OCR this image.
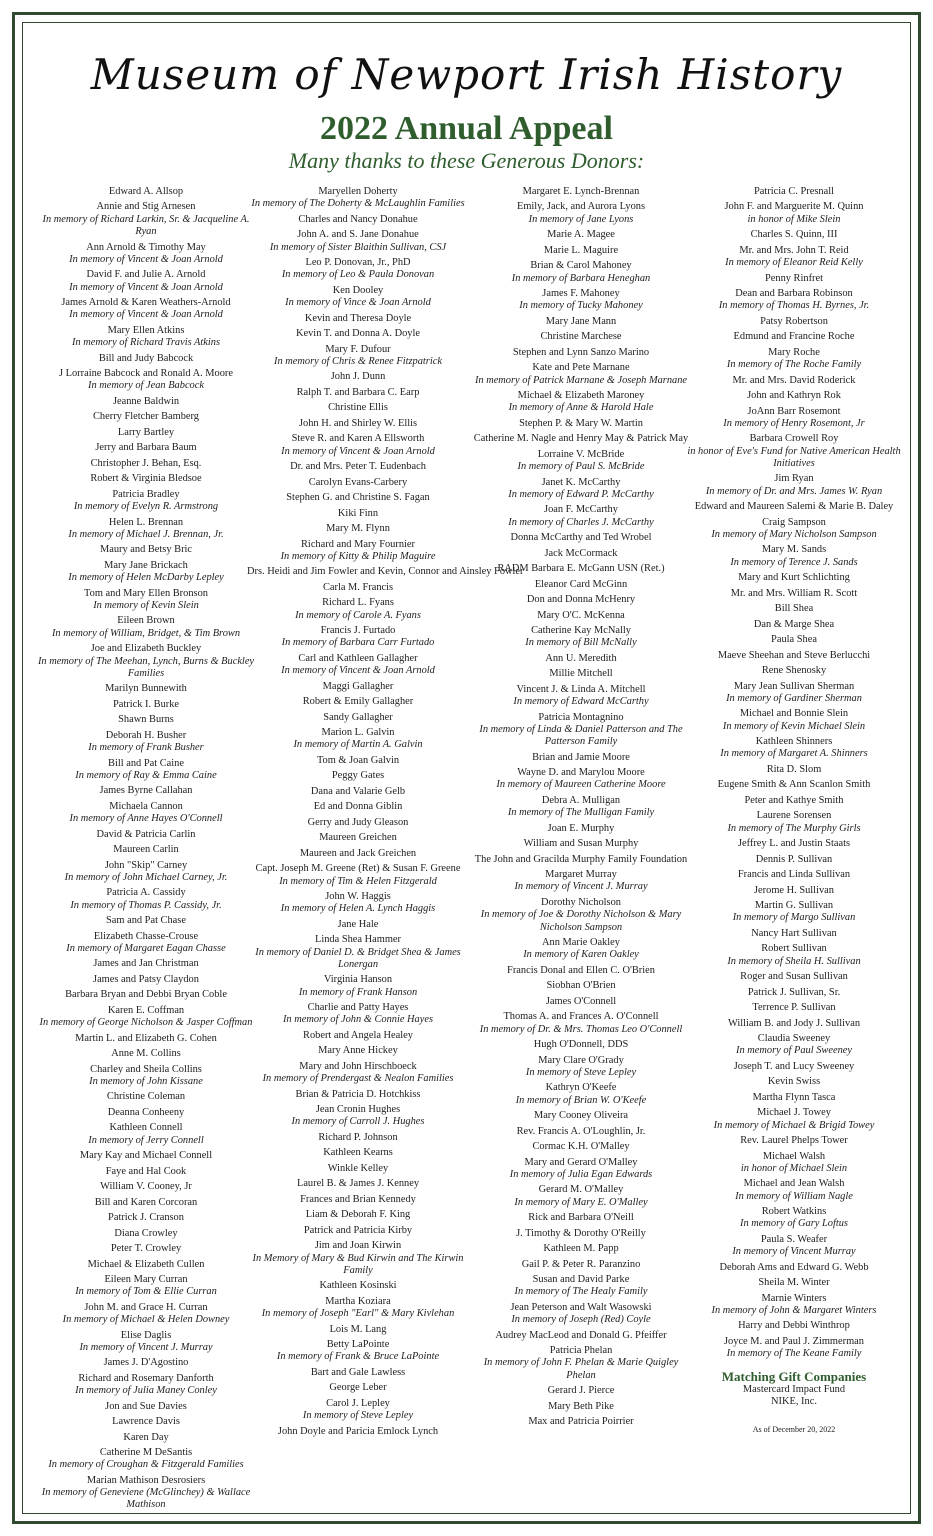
Museum of Newport Irish History
2022 Annual Appeal
Many thanks to these Generous Donors:
Edward A. Allsop
Annie and Stig Arnesen
In memory of Richard Larkin, Sr. & Jacqueline A. Ryan
Ann Arnold & Timothy May
In memory of Vincent & Joan Arnold
David F. and Julie A. Arnold
In memory of Vincent & Joan Arnold
James Arnold & Karen Weathers-Arnold
In memory of Vincent & Joan Arnold
Mary Ellen Atkins
In memory of Richard Travis Atkins
Bill and Judy Babcock
J Lorraine Babcock and Ronald A. Moore
In memory of Jean Babcock
Jeanne Baldwin
Cherry Fletcher Bamberg
Larry Bartley
Jerry and Barbara Baum
Christopher J. Behan, Esq.
Robert & Virginia Bledsoe
Patricia Bradley
In memory of Evelyn R. Armstrong
Helen L. Brennan
In memory of Michael J. Brennan, Jr.
Maury and Betsy Bric
Mary Jane Brickach
In memory of Helen McDarby Lepley
Tom and Mary Ellen Bronson
In memory of Kevin Slein
Eileen Brown
In memory of William, Bridget, & Tim Brown
Joe and Elizabeth Buckley
In memory of The Meehan, Lynch, Burns & Buckley Families
Marilyn Bunnewith
Patrick I. Burke
Shawn Burns
Deborah H. Busher
In memory of Frank Busher
Bill and Pat Caine
In memory of Ray & Emma Caine
James Byrne Callahan
Michaela Cannon
In memory of Anne Hayes O'Connell
David & Patricia Carlin
Maureen Carlin
John "Skip" Carney
In memory of John Michael Carney, Jr.
Patricia A. Cassidy
In memory of Thomas P. Cassidy, Jr.
Sam and Pat Chase
Elizabeth Chasse-Crouse
In memory of Margaret Eagan Chasse
James and Jan Christman
James and Patsy Claydon
Barbara Bryan and Debbi Bryan Coble
Karen E. Coffman
In memory of George Nicholson & Jasper Coffman
Martin L. and Elizabeth G. Cohen
Anne M. Collins
Charley and Sheila Collins
In memory of John Kissane
Christine Coleman
Deanna Conheeny
Kathleen Connell
In memory of Jerry Connell
Mary Kay and Michael Connell
Faye and Hal Cook
William V. Cooney, Jr
Bill and Karen Corcoran
Patrick J. Cranson
Diana Crowley
Peter T. Crowley
Michael & Elizabeth Cullen
Eileen Mary Curran
In memory of Tom & Ellie Curran
John M. and Grace H. Curran
In memory of Michael & Helen Downey
Elise Daglis
In memory of Vincent J. Murray
James J. D'Agostino
Richard and Rosemary Danforth
In memory of Julia Maney Conley
Jon and Sue Davies
Lawrence Davis
Karen Day
Catherine M DeSantis
In memory of Croughan & Fitzgerald Families
Marian Mathison Desrosiers
In memory of Geneviene (McGlinchey) & Wallace Mathison
Maryellen Doherty
In memory of The Doherty & McLaughlin Families
Charles and Nancy Donahue
John A. and S. Jane Donahue
In memory of Sister Blaithin Sullivan, CSJ
Leo P. Donovan, Jr., PhD
In memory of Leo & Paula Donovan
Ken Dooley
In memory of Vince & Joan Arnold
Kevin and Theresa Doyle
Kevin T. and Donna A. Doyle
Mary F. Dufour
In memory of Chris & Renee Fitzpatrick
John J. Dunn
Ralph T. and Barbara C. Earp
Christine Ellis
John H. and Shirley W. Ellis
Steve R. and Karen A Ellsworth
In memory of Vincent & Joan Arnold
Dr. and Mrs. Peter T. Eudenbach
Carolyn Evans-Carbery
Stephen G. and Christine S. Fagan
Kiki Finn
Mary M. Flynn
Richard and Mary Fournier
In memory of Kitty & Philip Maguire
Drs. Heidi and Jim Fowler and Kevin, Connor and Ainsley Fowler
Carla M. Francis
Richard L. Fyans
In memory of Carole A. Fyans
Francis J. Furtado
In memory of Barbara Carr Furtado
Carl and Kathleen Gallagher
In memory of Vincent & Joan Arnold
Maggi Gallagher
Robert & Emily Gallagher
Sandy Gallagher
Marion L. Galvin
In memory of Martin A. Galvin
Tom & Joan Galvin
Peggy Gates
Dana and Valarie Gelb
Ed and Donna Giblin
Gerry and Judy Gleason
Maureen Greichen
Maureen and Jack Greichen
Capt. Joseph M. Greene (Ret) & Susan F. Greene
In memory of Tim & Helen Fitzgerald
John W. Haggis
In memory of Helen A. Lynch Haggis
Jane Hale
Linda Shea Hammer
In memory of Daniel D. & Bridget Shea & James Lonergan
Virginia Hanson
In memory of Frank Hanson
Charlie and Patty Hayes
In memory of John & Connie Hayes
Robert and Angela Healey
Mary Anne Hickey
Mary and John Hirschboeck
In memory of Prendergast & Nealon Families
Brian & Patricia D. Hotchkiss
Jean Cronin Hughes
In memory of Carroll J. Hughes
Richard P. Johnson
Kathleen Kearns
Winkle Kelley
Laurel B. & James J. Kenney
Frances and Brian Kennedy
Liam & Deborah F. King
Patrick and Patricia Kirby
Jim and Joan Kirwin
In Memory of Mary & Bud Kirwin and The Kirwin Family
Kathleen Kosinski
Martha Koziara
In memory of Joseph "Earl" & Mary Kivlehan
Lois M. Lang
Betty LaPointe
In memory of Frank & Bruce LaPointe
Bart and Gale Lawless
George Leber
Carol J. Lepley
In memory of Steve Lepley
John Doyle and Paricia Emlock Lynch
Margaret E. Lynch-Brennan
Emily, Jack, and Aurora Lyons
In memory of Jane Lyons
Marie A. Magee
Marie L. Maguire
Brian & Carol Mahoney
In memory of Barbara Heneghan
James F. Mahoney
In memory of Tucky Mahoney
Mary Jane Mann
Christine Marchese
Stephen and Lynn Sanzo Marino
Kate and Pete Marnane
In memory of Patrick Marnane & Joseph Marnane
Michael & Elizabeth Maroney
In memory of Anne & Harold Hale
Stephen P. & Mary W. Martin
Catherine M. Nagle and Henry May & Patrick May
Lorraine V. McBride
In memory of Paul S. McBride
Janet K. McCarthy
In memory of Edward P. McCarthy
Joan F. McCarthy
In memory of Charles J. McCarthy
Donna McCarthy and Ted Wrobel
Jack McCormack
RADM Barbara E. McGann USN (Ret.)
Eleanor Card McGinn
Don and Donna McHenry
Mary O'C. McKenna
Catherine Kay McNally
In memory of Bill McNally
Ann U. Meredith
Millie Mitchell
Vincent J. & Linda A. Mitchell
In memory of Edward McCarthy
Patricia Montagnino
In memory of Linda & Daniel Patterson and The Patterson Family
Brian and Jamie Moore
Wayne D. and Marylou Moore
In memory of Maureen Catherine Moore
Debra A. Mulligan
In memory of The Mulligan Family
Joan E. Murphy
William and Susan Murphy
The John and Gracilda Murphy Family Foundation
Margaret Murray
In memory of Vincent J. Murray
Dorothy Nicholson
In memory of Joe & Dorothy Nicholson & Mary Nicholson Sampson
Ann Marie Oakley
In memory of Karen Oakley
Francis Donal and Ellen C. O'Brien
Siobhan O'Brien
James O'Connell
Thomas A. and Frances A. O'Connell
In memory of Dr. & Mrs. Thomas Leo O'Connell
Hugh O'Donnell, DDS
Mary Clare O'Grady
In memory of Steve Lepley
Kathryn O'Keefe
In memory of Brian W. O'Keefe
Mary Cooney Oliveira
Rev. Francis A. O'Loughlin, Jr.
Cormac K.H. O'Malley
Mary and Gerard O'Malley
In memory of Julia Egan Edwards
Gerard M. O'Malley
In memory of Mary E. O'Malley
Rick and Barbara O'Neill
J. Timothy & Dorothy O'Reilly
Kathleen M. Papp
Gail P. & Peter R. Paranzino
Susan and David Parke
In memory of The Healy Family
Jean Peterson and Walt Wasowski
In memory of Joseph (Red) Coyle
Audrey MacLeod and Donald G. Pfeiffer
Patricia Phelan
In memory of John F. Phelan & Marie Quigley Phelan
Gerard J. Pierce
Mary Beth Pike
Max and Patricia Poirrier
Patricia C. Presnall
John F. and Marguerite M. Quinn
in honor of Mike Slein
Charles S. Quinn, III
Mr. and Mrs. John T. Reid
In memory of Eleanor Reid Kelly
Penny Rinfret
Dean and Barbara Robinson
In memory of Thomas H. Byrnes, Jr.
Patsy Robertson
Edmund and Francine Roche
Mary Roche
In memory of The Roche Family
Mr. and Mrs. David Roderick
John and Kathryn Rok
JoAnn Barr Rosemont
In memory of Henry Rosemont, Jr
Barbara Crowell Roy
in honor of Eve's Fund for Native American Health Initiatives
Jim Ryan
In memory of Dr. and Mrs. James W. Ryan
Edward and Maureen Salemi & Marie B. Daley
Craig Sampson
In memory of Mary Nicholson Sampson
Mary M. Sands
In memory of Terence J. Sands
Mary and Kurt Schlichting
Mr. and Mrs. William R. Scott
Bill Shea
Dan & Marge Shea
Paula Shea
Maeve Sheehan and Steve Berlucchi
Rene Shenosky
Mary Jean Sullivan Sherman
In memory of Gardiner Sherman
Michael and Bonnie Slein
In memory of Kevin Michael Slein
Kathleen Shinners
In memory of Margaret A. Shinners
Rita D. Slom
Eugene Smith & Ann Scanlon Smith
Peter and Kathye Smith
Laurene Sorensen
In memory of The Murphy Girls
Jeffrey L. and Justin Staats
Dennis P. Sullivan
Francis and Linda Sullivan
Jerome H. Sullivan
Martin G. Sullivan
In memory of Margo Sullivan
Nancy Hart Sullivan
Robert Sullivan
In memory of Sheila H. Sullivan
Roger and Susan Sullivan
Patrick J. Sullivan, Sr.
Terrence P. Sullivan
William B. and Jody J. Sullivan
Claudia Sweeney
In memory of Paul Sweeney
Joseph T. and Lucy Sweeney
Kevin Swiss
Martha Flynn Tasca
Michael J. Towey
In memory of Michael & Brigid Towey
Rev. Laurel Phelps Tower
Michael Walsh
in honor of Michael Slein
Michael and Jean Walsh
In memory of William Nagle
Robert Watkins
In memory of Gary Loftus
Paula S. Weafer
In memory of Vincent Murray
Deborah Ams and Edward G. Webb
Sheila M. Winter
Marnie Winters
In memory of John & Margaret Winters
Harry and Debbi Winthrop
Joyce M. and Paul J. Zimmerman
In memory of The Keane Family
Matching Gift Companies
Mastercard Impact Fund
NIKE, Inc.
As of December 20, 2022
